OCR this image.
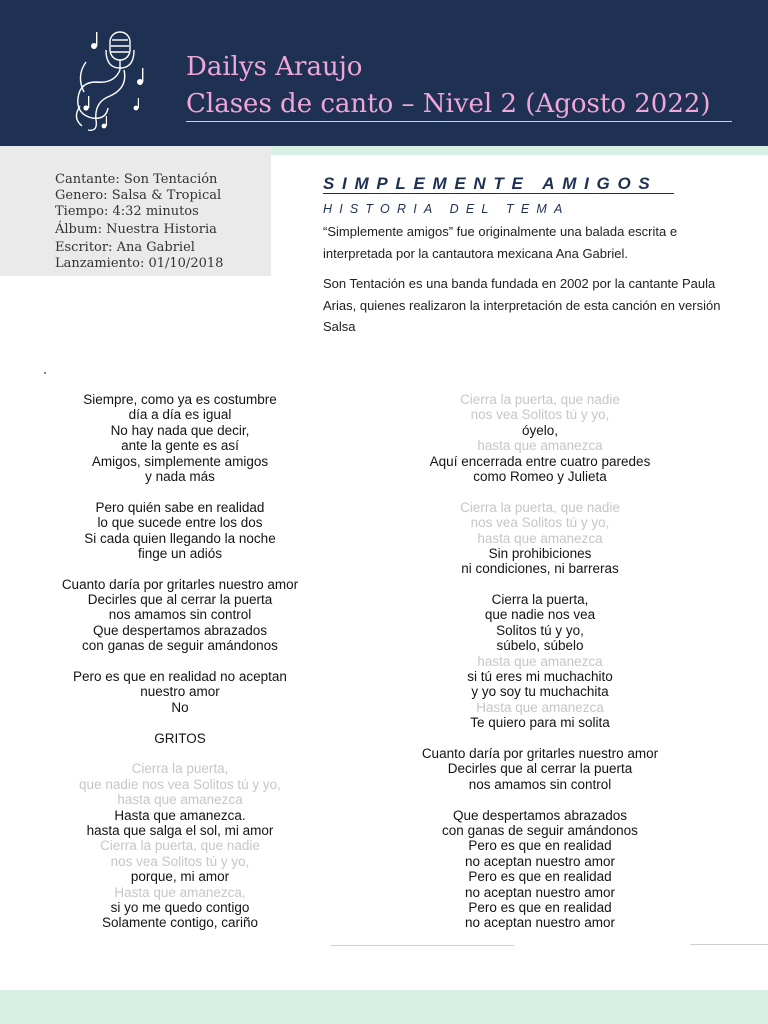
Dailys Araujo
Clases de canto – Nivel 2 (Agosto 2022)
Cantante: Son Tentación
Genero: Salsa & Tropical
Tiempo: 4:32 minutos
Álbum: Nuestra Historia
Escritor: Ana Gabriel
Lanzamiento: 01/10/2018
SIMPLEMENTE AMIGOS
HISTORIA DEL TEMA
“Simplemente amigos” fue originalmente una balada escrita e interpretada por la cantautora mexicana Ana Gabriel.
Son Tentación es una banda fundada en 2002 por la cantante Paula Arias, quienes realizaron la interpretación de esta canción en versión Salsa
Siempre, como ya es costumbre
día a día es igual
No hay nada que decir,
ante la gente es así
Amigos, simplemente amigos
y nada más
Pero quién sabe en realidad
lo que sucede entre los dos
Si cada quien llegando la noche
finge un adiós
Cuanto daría por gritarles nuestro amor
Decirles que al cerrar la puerta
nos amamos sin control
Que despertamos abrazados
con ganas de seguir amándonos
Pero es que en realidad no aceptan
nuestro amor
No
GRITOS
Cierra la puerta,
que nadie nos vea Solitos tú y yo,
hasta que amanezca
Hasta que amanezca.
hasta que salga el sol, mi amor
Cierra la puerta, que nadie
nos vea Solitos tú y yo,
porque, mi amor
Hasta que amanezca,
si yo me quedo contigo
Solamente contigo, cariño
Cierra la puerta, que nadie
nos vea Solitos tú y yo,
óyelo,
hasta que amanezca
Aquí encerrada entre cuatro paredes
como Romeo y Julieta
Cierra la puerta, que nadie
nos vea Solitos tú y yo,
hasta que amanezca
Sin prohibiciones
ni condiciones, ni barreras
Cierra la puerta,
que nadie nos vea
Solitos tú y yo,
súbelo, súbelo
hasta que amanezca
si tú eres mi muchachito
y yo soy tu muchachita
Hasta que amanezca
Te quiero para mi solita
Cuanto daría por gritarles nuestro amor
Decirles que al cerrar la puerta
nos amamos sin control
Que despertamos abrazados
con ganas de seguir amándonos
Pero es que en realidad
no aceptan nuestro amor
Pero es que en realidad
no aceptan nuestro amor
Pero es que en realidad
no aceptan nuestro amor
